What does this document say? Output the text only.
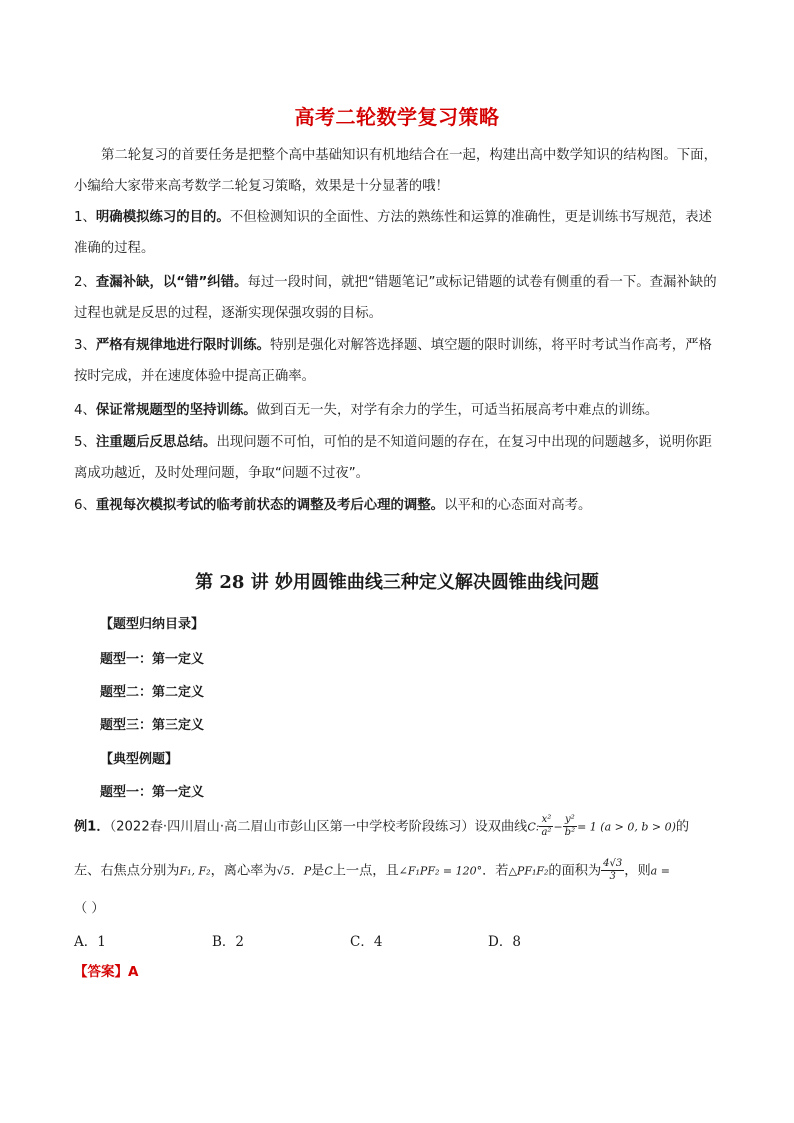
高考二轮数学复习策略
第二轮复习的首要任务是把整个高中基础知识有机地结合在一起，构建出高中数学知识的结构图。下面，小编给大家带来高考数学二轮复习策略，效果是十分显著的哦！
1、明确模拟练习的目的。不但检测知识的全面性、方法的熟练性和运算的准确性，更是训练书写规范，表述准确的过程。
2、查漏补缺，以“错”纠错。每过一段时间，就把“错题笔记”或标记错题的试卷有侧重的看一下。查漏补缺的过程也就是反思的过程，逐渐实现保强攻弱的目标。
3、严格有规律地进行限时训练。特别是强化对解答选择题、填空题的限时训练，将平时考试当作高考，严格按时完成，并在速度体验中提高正确率。
4、保证常规题型的坚持训练。做到百无一失，对学有余力的学生，可适当拓展高考中难点的训练。
5、注重题后反思总结。出现问题不可怕，可怕的是不知道问题的存在，在复习中出现的问题越多，说明你距离成功越近，及时处理问题，争取“问题不过夜”。
6、重视每次模拟考试的临考前状态的调整及考后心理的调整。以平和的心态面对高考。
第 28 讲 妙用圆锥曲线三种定义解决圆锥曲线问题
【题型归纳目录】
题型一：第一定义
题型二：第二定义
题型三：第三定义
【典型例题】
题型一：第一定义
例1．（2022春·四川眉山·高二眉山市彭山区第一中学校考阶段练习）设双曲线C: $\frac{\text{x²}}{\text{a²}} - \frac{\text{y²}}{\text{b²}} = 1$ (a > 0, b > 0)的
左、右焦点分别为F₁, F₂，离心率为√5．P是C上一点，且∠F₁PF₂ = 120°．若△PF₁F₂的面积为 $\frac{4√3}{3}$ ，则a =
（ ）
A．1	B．2	C．4	D．8
【答案】A
